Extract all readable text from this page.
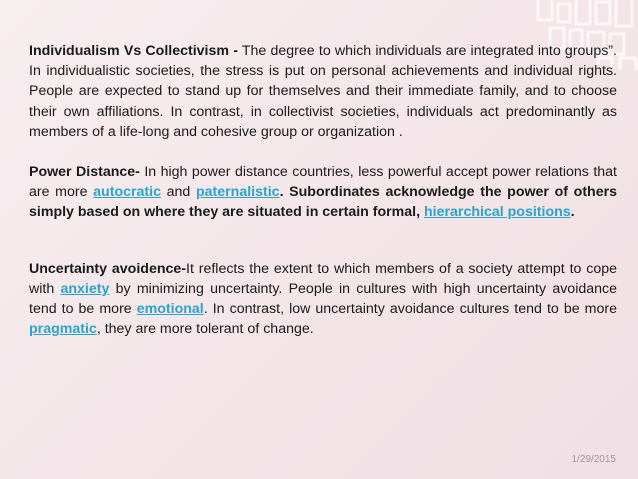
Individualism Vs Collectivism - The degree to which individuals are integrated into groups”. In individualistic societies, the stress is put on personal achievements and individual rights. People are expected to stand up for themselves and their immediate family, and to choose their own affiliations. In contrast, in collectivist societies, individuals act predominantly as members of a life-long and cohesive group or organization .

Power Distance- In high power distance countries, less powerful accept power relations that are more autocratic and paternalistic. Subordinates acknowledge the power of others simply based on where they are situated in certain formal, hierarchical positions.

Uncertainty avoidence-It reflects the extent to which members of a society attempt to cope with anxiety by minimizing uncertainty. People in cultures with high uncertainty avoidance tend to be more emotional. In contrast, low uncertainty avoidance cultures tend to be more pragmatic, they are more tolerant of change.

1/29/2015
